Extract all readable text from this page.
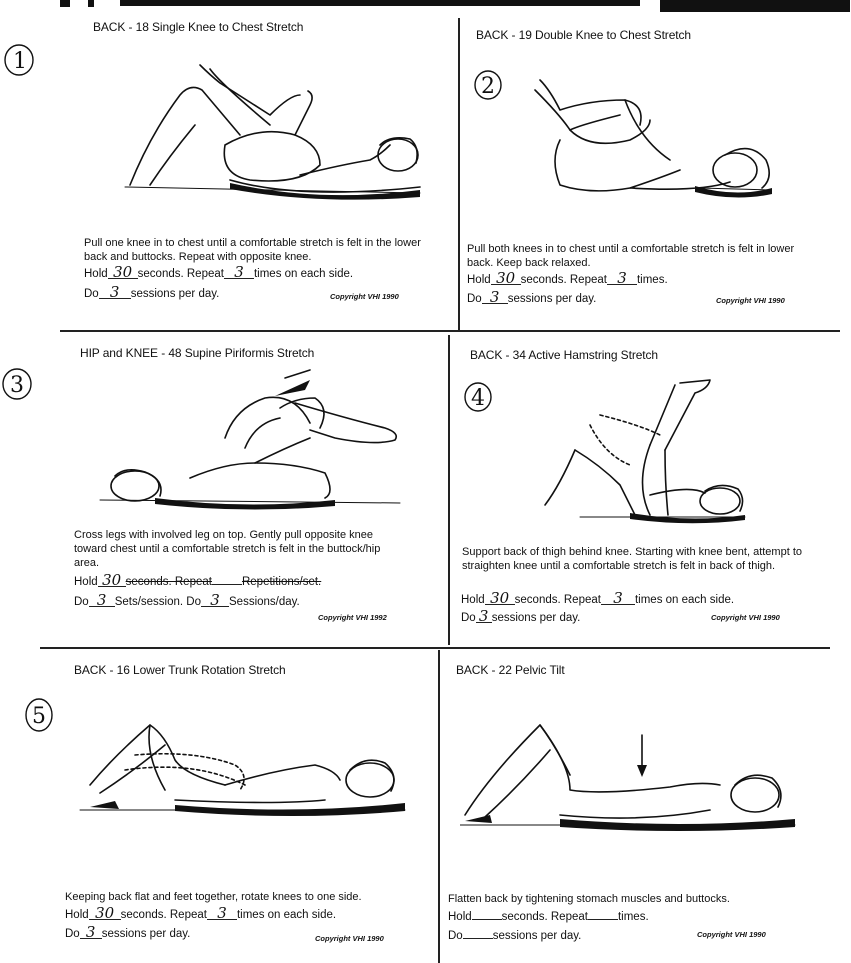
1
BACK - 18 Single Knee to Chest Stretch
Pull one knee in to chest until a comfortable stretch is felt in the lower back and buttocks. Repeat with opposite knee.
Hold 30 seconds. Repeat 3 times on each side.
Do 3 sessions per day.	Copyright VHI 1990
2
BACK - 19 Double Knee to Chest Stretch
Pull both knees in to chest until a comfortable stretch is felt in lower back. Keep back relaxed.
Hold 30 seconds. Repeat 3 times.
Do 3 sessions per day.	Copyright VHI 1990
3
HIP and KNEE - 48 Supine Piriformis Stretch
Cross legs with involved leg on top. Gently pull opposite knee toward chest until a comfortable stretch is felt in the buttock/hip area.
Hold 30 seconds. Repeat	Repetitions/set.
Do 3 Sets/session. Do 3 Sessions/day.
Copyright VHI 1992
4
BACK - 34 Active Hamstring Stretch
Support back of thigh behind knee. Starting with knee bent, attempt to straighten knee until a comfortable stretch is felt in back of thigh.
Hold 30 seconds. Repeat 3	times on each side.
Do 3 sessions per day.	Copyright VHI 1990
5
BACK - 16 Lower Trunk Rotation Stretch
Keeping back flat and feet together, rotate knees to one side.
Hold 30 seconds. Repeat 3 times on each side.
Do 3 sessions per day.	Copyright VHI 1990
BACK - 22 Pelvic Tilt
Flatten back by tightening stomach muscles and buttocks.
Hold	seconds. Repeat	times.
Do	sessions per day.	Copyright VHI 1990
